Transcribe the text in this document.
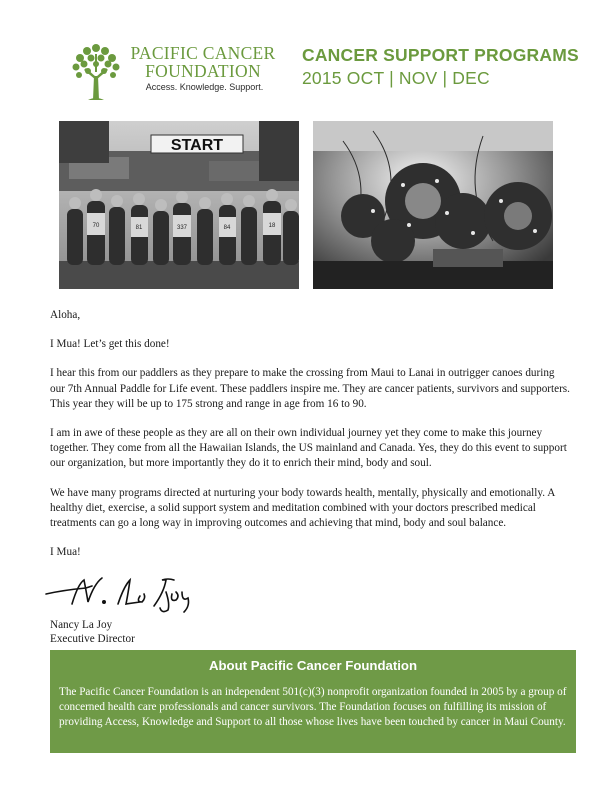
PACIFIC CANCER
FOUNDATION
Access. Knowledge. Support.
CANCER SUPPORT PROGRAMS
2015 OCT | NOV | DEC
START
70	81	337	84	18

Aloha,

I Mua! Let’s get this done!

I hear this from our paddlers as they prepare to make the crossing from Maui to Lanai in outrigger canoes during our 7th Annual Paddle for Life event. These paddlers inspire me. They are cancer patients, survivors and supporters. This year they will be up to 175 strong and range in age from 16 to 90.

I am in awe of these people as they are all on their own individual journey yet they come to make this journey together. They come from all the Hawaiian Islands, the US mainland and Canada. Yes, they do this event to support our organization, but more importantly they do it to enrich their mind, body and soul.

We have many programs directed at nurturing your body towards health, mentally, physically and emotionally. A healthy diet, exercise, a solid support system and meditation combined with your doctors prescribed medical treatments can go a long way in improving outcomes and achieving that mind, body and soul balance.

I Mua!

Nancy La Joy
Executive Director
About Pacific Cancer Foundation
The Pacific Cancer Foundation is an independent 501(c)(3) nonprofit organization founded in 2005 by a group of concerned health care professionals and cancer survivors. The Foundation focuses on fulfilling its mission of providing Access, Knowledge and Support to all those whose lives have been touched by cancer in Maui County.
